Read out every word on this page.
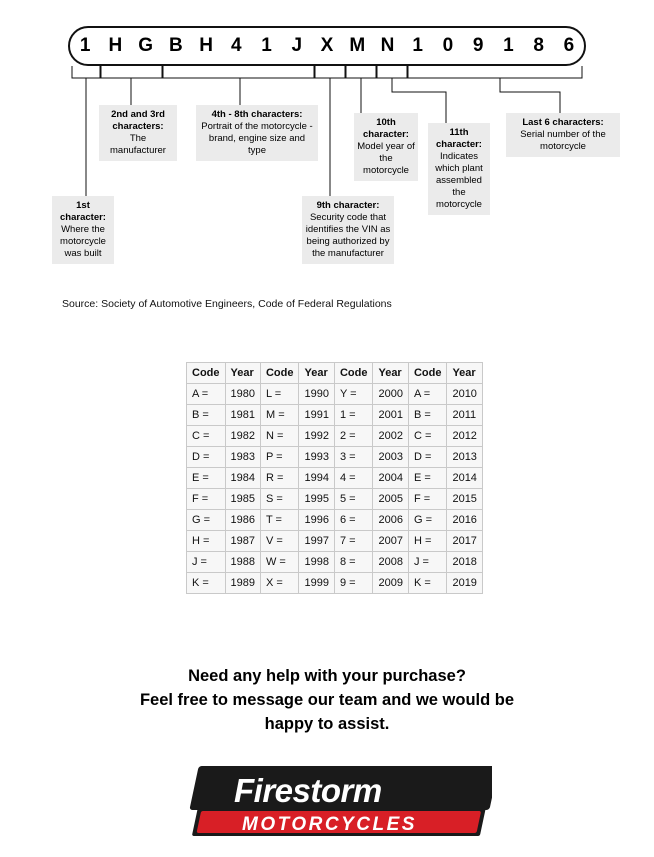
1 H G B H 4	1	J X M N 1	0	9	1	8	6
1st character:
Where the motorcycle was built
2nd and 3rd characters:
The manufacturer
4th - 8th characters:
Portrait of the motorcycle - brand, engine size and type
10th character:
Model year of the motorcycle
11th character:
Indicates which plant assembled the motorcycle
Last 6 characters:
Serial number of the motorcycle
9th character:
Security code that identifies the VIN as being authorized by the manufacturer
Source: Society of Automotive Engineers, Code of Federal Regulations
Code	Year	Code	Year	Code	Year	Code	Year
A =	1980	L =	1990	Y =	2000	A =	2010
B =	1981	M =	1991	1 =	2001	B =	2011
C =	1982	N =	1992	2 =	2002	C =	2012
D =	1983	P =	1993	3 =	2003	D =	2013
E =	1984	R =	1994	4 =	2004	E =	2014
F =	1985	S =	1995	5 =	2005	F =	2015
G =	1986	T =	1996	6 =	2006	G =	2016
H =	1987	V =	1997	7 =	2007	H =	2017
J =	1988	W =	1998	8 =	2008	J =	2018
K =	1989	X =	1999	9 =	2009	K =	2019
Need any help with your purchase?
Feel free to message our team and we would be
happy to assist.
Firestorm
MOTORCYCLES
